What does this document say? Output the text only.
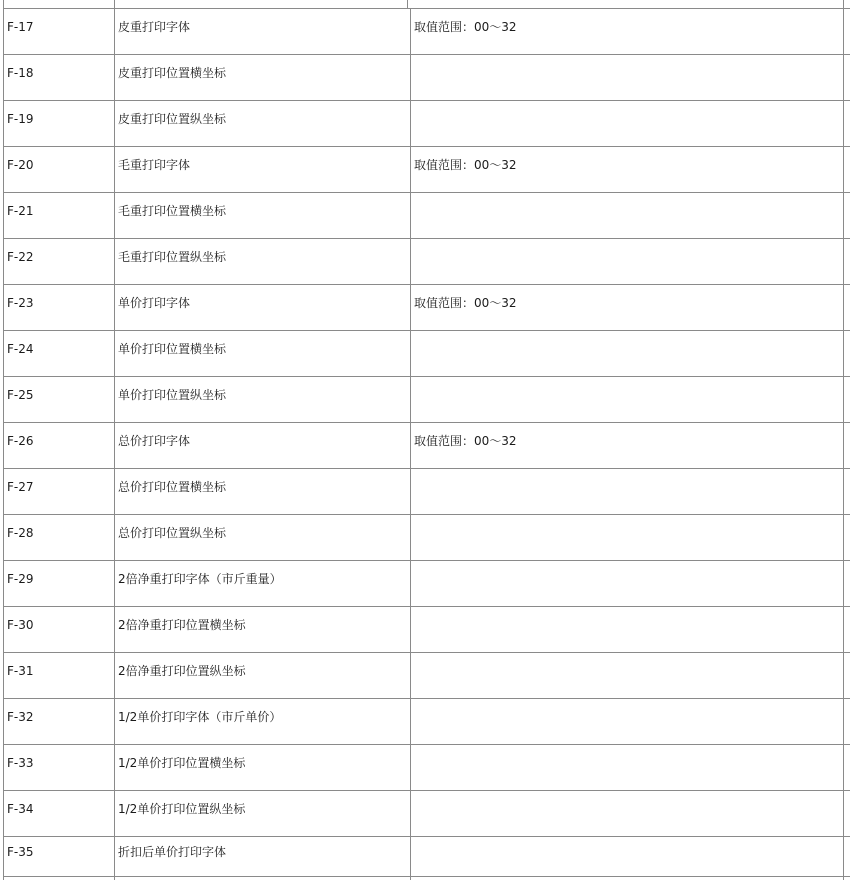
F-17	皮重打印字体	取值范围：00～32
F-18	皮重打印位置横坐标
F-19	皮重打印位置纵坐标
F-20	毛重打印字体	取值范围：00～32
F-21	毛重打印位置横坐标
F-22	毛重打印位置纵坐标
F-23	单价打印字体	取值范围：00～32
F-24	单价打印位置横坐标
F-25	单价打印位置纵坐标
F-26	总价打印字体	取值范围：00～32
F-27	总价打印位置横坐标
F-28	总价打印位置纵坐标
F-29	2倍净重打印字体（市斤重量）
F-30	2倍净重打印位置横坐标
F-31	2倍净重打印位置纵坐标
F-32	1/2单价打印字体（市斤单价）
F-33	1/2单价打印位置横坐标
F-34	1/2单价打印位置纵坐标
F-35	折扣后单价打印字体
